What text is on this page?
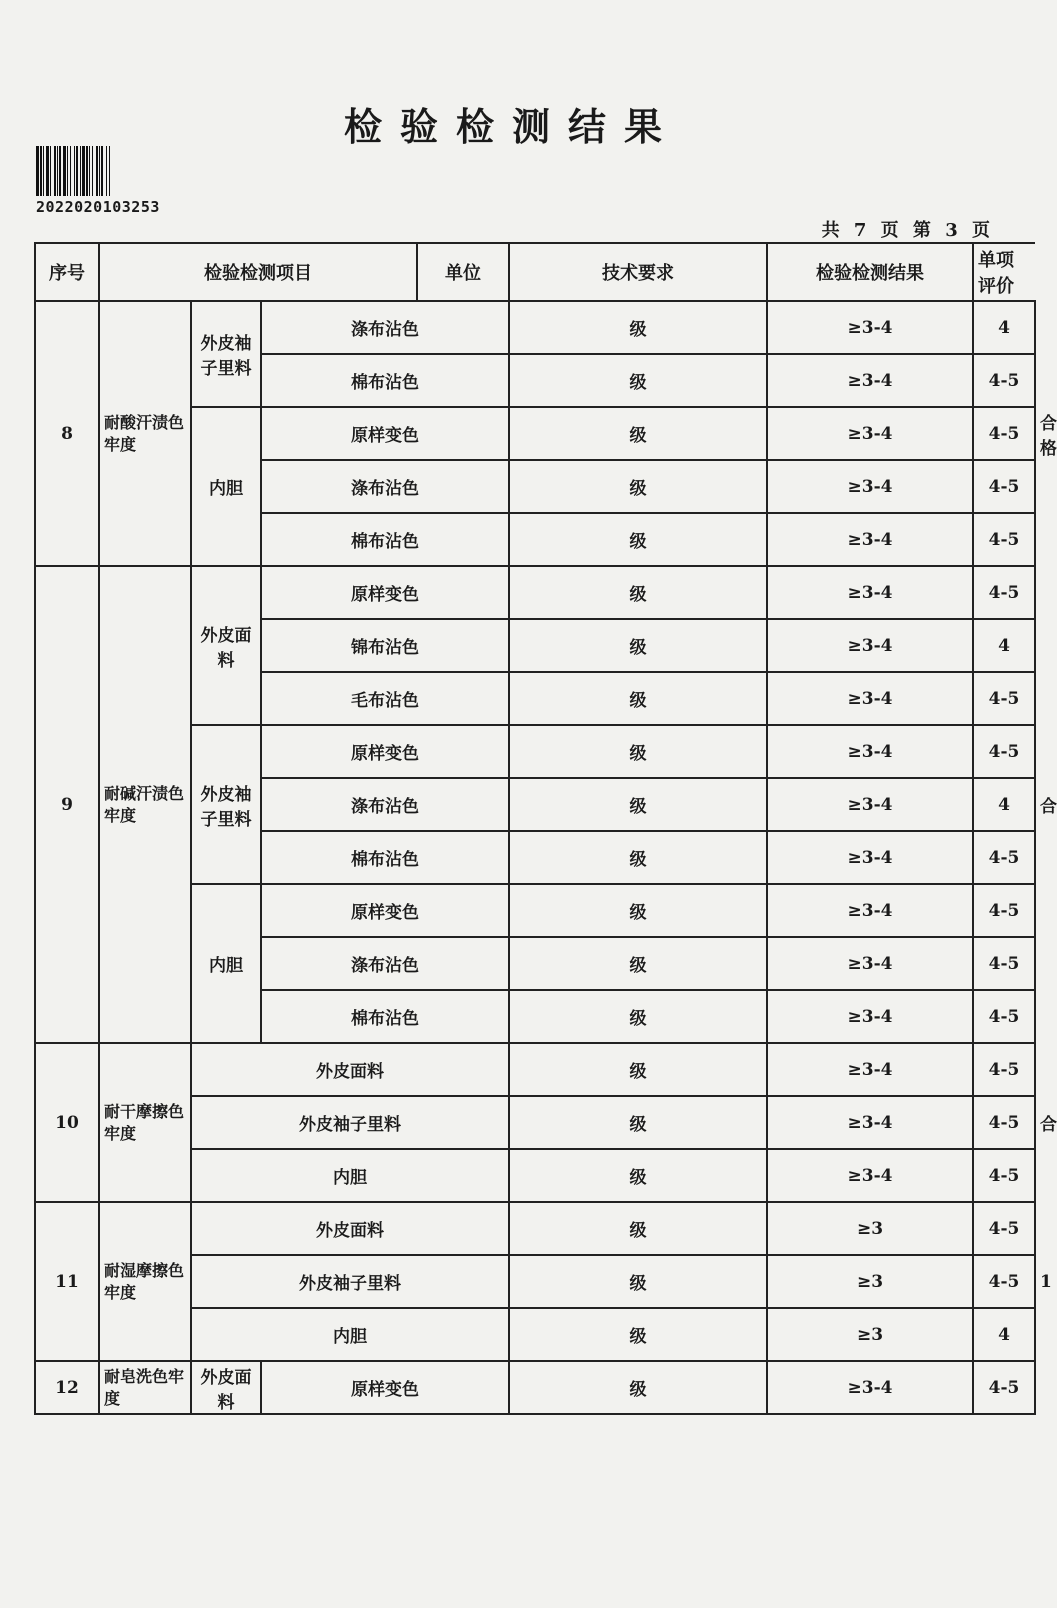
检验检测结果
2022020103253
共 7 页 第 3 页
序号	检验检测项目			单位	技术要求	检验检测结果	单项评价	
8	耐酸汗渍色牢度	外皮袖子里料	涤布沾色		级	≥3-4	4	合格
			棉布沾色		级	≥3-4	4-5	
		内胆	原样变色		级	≥3-4	4-5	
			涤布沾色		级	≥3-4	4-5	
			棉布沾色		级	≥3-4	4-5	
9	耐碱汗渍色牢度	外皮面料	原样变色		级	≥3-4	4-5	合
			锦布沾色		级	≥3-4	4	
			毛布沾色		级	≥3-4	4-5	
		外皮袖子里料	原样变色		级	≥3-4	4-5	
			涤布沾色		级	≥3-4	4	
			棉布沾色		级	≥3-4	4-5	
		内胆	原样变色		级	≥3-4	4-5	
			涤布沾色		级	≥3-4	4-5	
			棉布沾色		级	≥3-4	4-5	
10	耐干摩擦色牢度	外皮面料			级	≥3-4	4-5	合
		外皮袖子里料			级	≥3-4	4-5	
		内胆			级	≥3-4	4-5	
11	耐湿摩擦色牢度	外皮面料			级	≥3	4-5	1
		外皮袖子里料			级	≥3	4-5	
		内胆			级	≥3	4	
12	耐皂洗色牢度	外皮面料	原样变色		级	≥3-4	4-5	
